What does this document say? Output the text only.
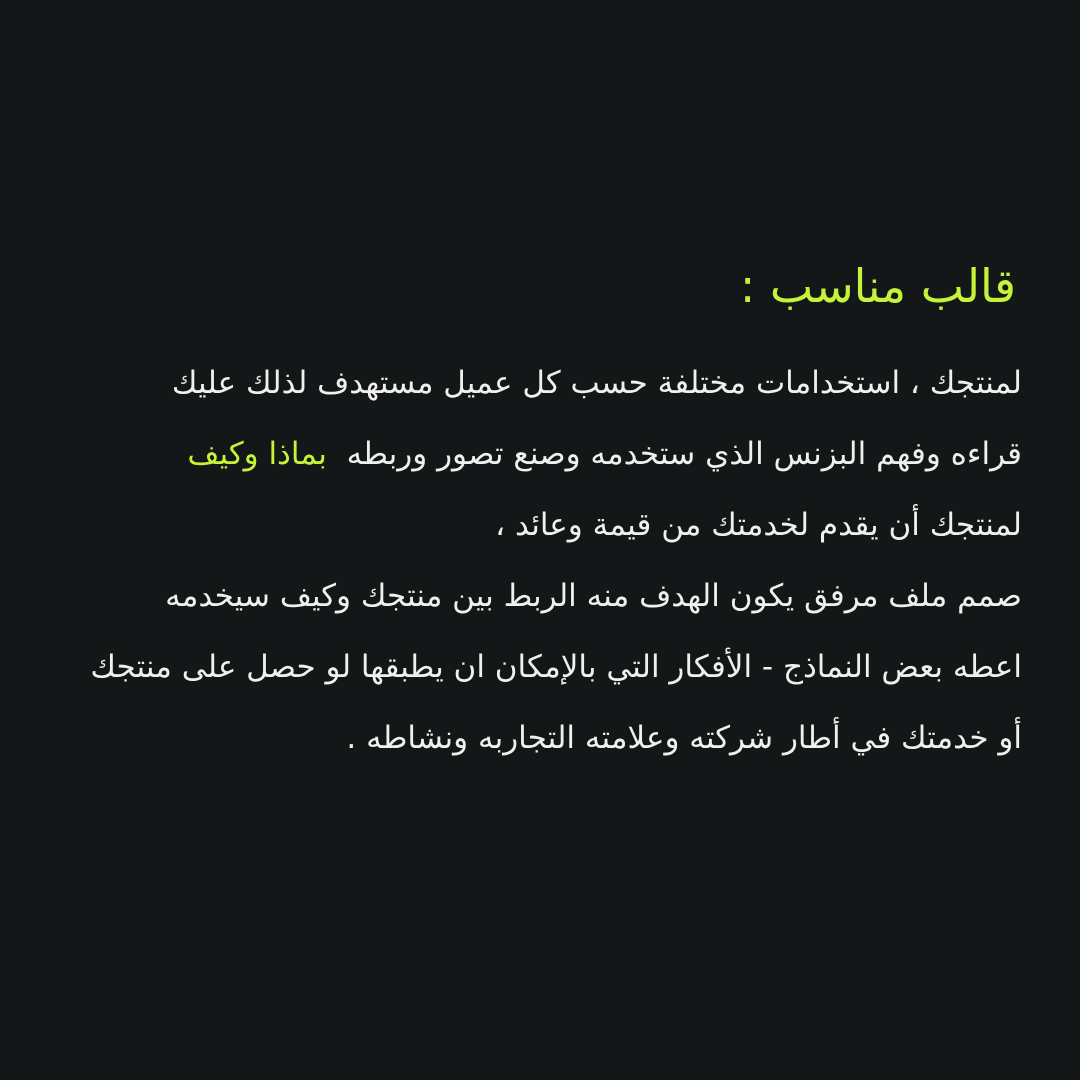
قالب مناسب :
لمنتجك ، استخدامات مختلفة حسب كل عميل مستهدف لذلك عليك
قراءه وفهم البزنس الذي ستخدمه وصنع تصور وربطه  بماذا وكيف
لمنتجك أن يقدم لخدمتك من قيمة وعائد ،
صمم ملف مرفق يكون الهدف منه الربط بين منتجك وكيف سيخدمه
اعطه بعض النماذج - الأفكار التي بالإمكان ان يطبقها لو حصل على منتجك
أو خدمتك في أطار شركته وعلامته التجاربه ونشاطه .
